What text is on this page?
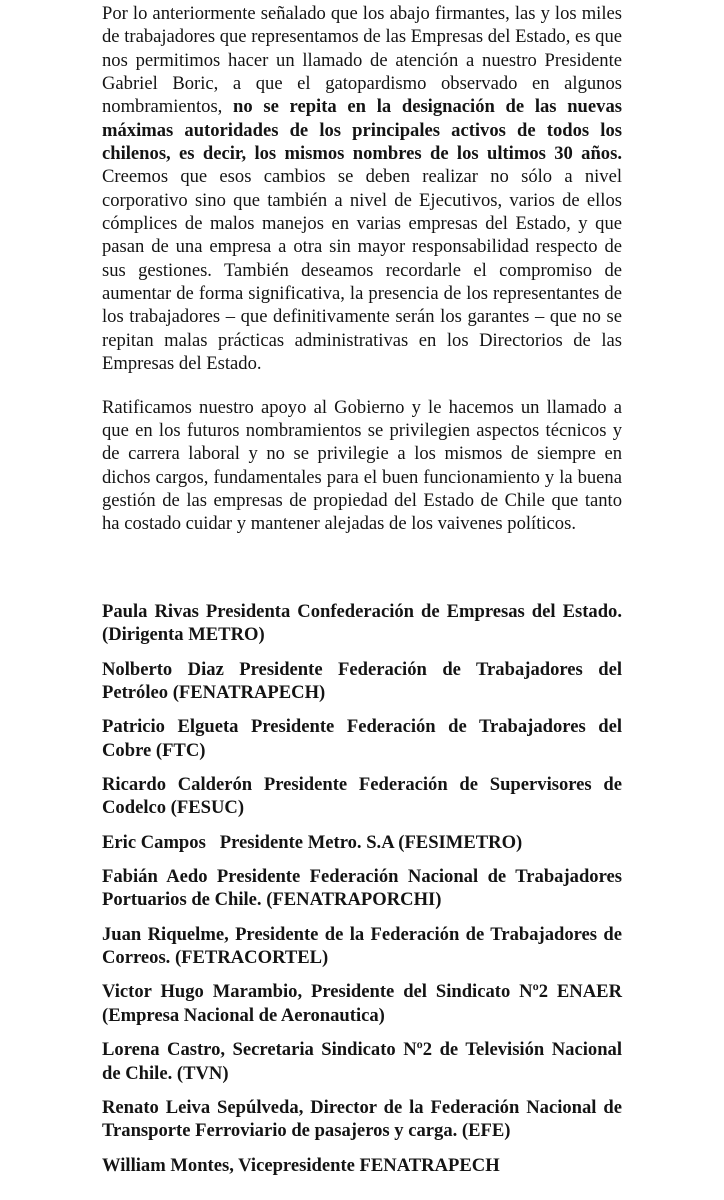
Por lo anteriormente señalado que los abajo firmantes, las y los miles de trabajadores que representamos de las Empresas del Estado, es que nos permitimos hacer un llamado de atención a nuestro Presidente Gabriel Boric, a que el gatopardismo observado en algunos nombramientos, no se repita en la designación de las nuevas máximas autoridades de los principales activos de todos los chilenos, es decir, los mismos nombres de los ultimos 30 años. Creemos que esos cambios se deben realizar no sólo a nivel corporativo sino que también a nivel de Ejecutivos, varios de ellos cómplices de malos manejos en varias empresas del Estado, y que pasan de una empresa a otra sin mayor responsabilidad respecto de sus gestiones. También deseamos recordarle el compromiso de aumentar de forma significativa, la presencia de los representantes de los trabajadores – que definitivamente serán los garantes – que no se repitan malas prácticas administrativas en los Directorios de las Empresas del Estado.

Ratificamos nuestro apoyo al Gobierno y le hacemos un llamado a que en los futuros nombramientos se privilegien aspectos técnicos y de carrera laboral y no se privilegie a los mismos de siempre en dichos cargos, fundamentales para el buen funcionamiento y la buena gestión de las empresas de propiedad del Estado de Chile que tanto ha costado cuidar y mantener alejadas de los vaivenes políticos.

Paula Rivas Presidenta Confederación de Empresas del Estado. (Dirigenta METRO)

Nolberto Diaz Presidente Federación de Trabajadores del Petróleo (FENATRAPECH)

Patricio Elgueta Presidente Federación de Trabajadores del Cobre (FTC)

Ricardo Calderón Presidente Federación de Supervisores de Codelco (FESUC)

Eric Campos   Presidente Metro. S.A (FESIMETRO)

Fabián Aedo Presidente Federación Nacional de Trabajadores Portuarios de Chile. (FENATRAPORCHI)

Juan Riquelme, Presidente de la Federación de Trabajadores de Correos. (FETRACORTEL)

Victor Hugo Marambio, Presidente del Sindicato Nº2 ENAER (Empresa Nacional de Aeronautica)

Lorena Castro, Secretaria Sindicato Nº2 de Televisión Nacional de Chile. (TVN)

Renato Leiva Sepúlveda, Director de la Federación Nacional de Transporte Ferroviario de pasajeros y carga. (EFE)

William Montes, Vicepresidente FENATRAPECH
